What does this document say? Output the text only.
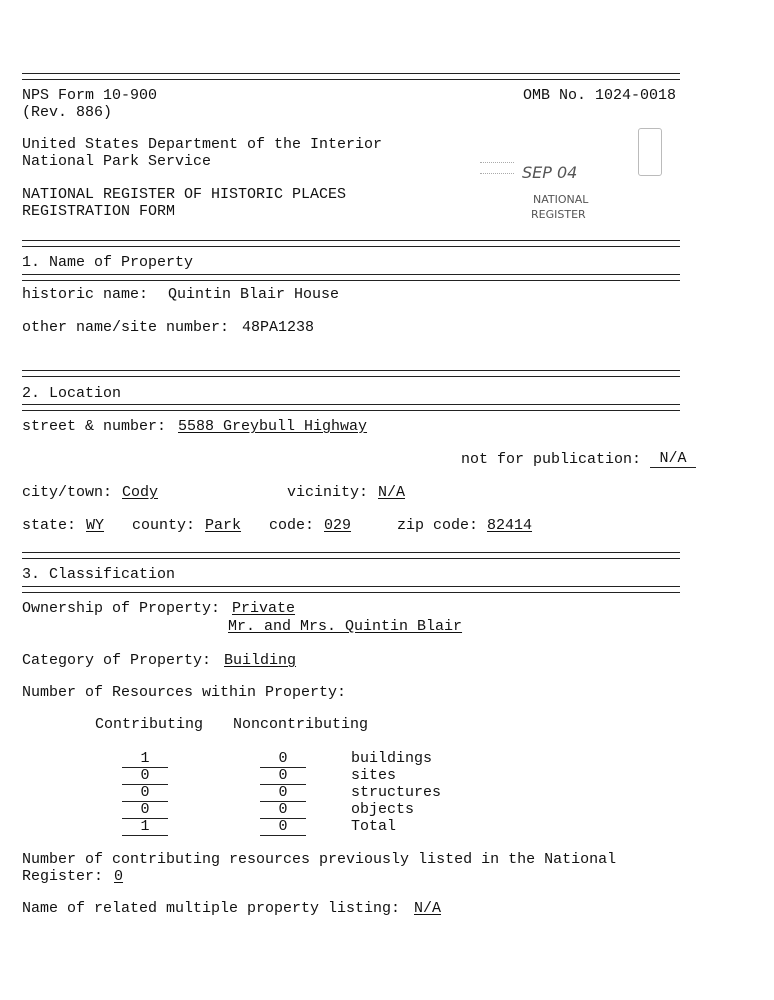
NPS Form 10-900	OMB No. 1024-0018
(Rev. 886)
United States Department of the Interior
National Park Service
NATIONAL REGISTER OF HISTORIC PLACES
REGISTRATION FORM
SEP 04
NATIONAL
REGISTER
1. Name of Property
historic name: Quintin Blair House
other name/site number: 48PA1238
2. Location
street & number: 5588 Greybull Highway
not for publication:	N/A
city/town: Cody	vicinity: N/A
state: WY county: Park code: 029	zip code: 82414
3. Classification
Ownership of Property: Private
Mr. and Mrs. Quintin Blair
Category of Property: Building
Number of Resources within Property:
Contributing Noncontributing
1	0	buildings
0	0	sites
0	0	structures
0	0	objects
1	0	Total
Number of contributing resources previously listed in the National
Register: 0
Name of related multiple property listing: N/A
